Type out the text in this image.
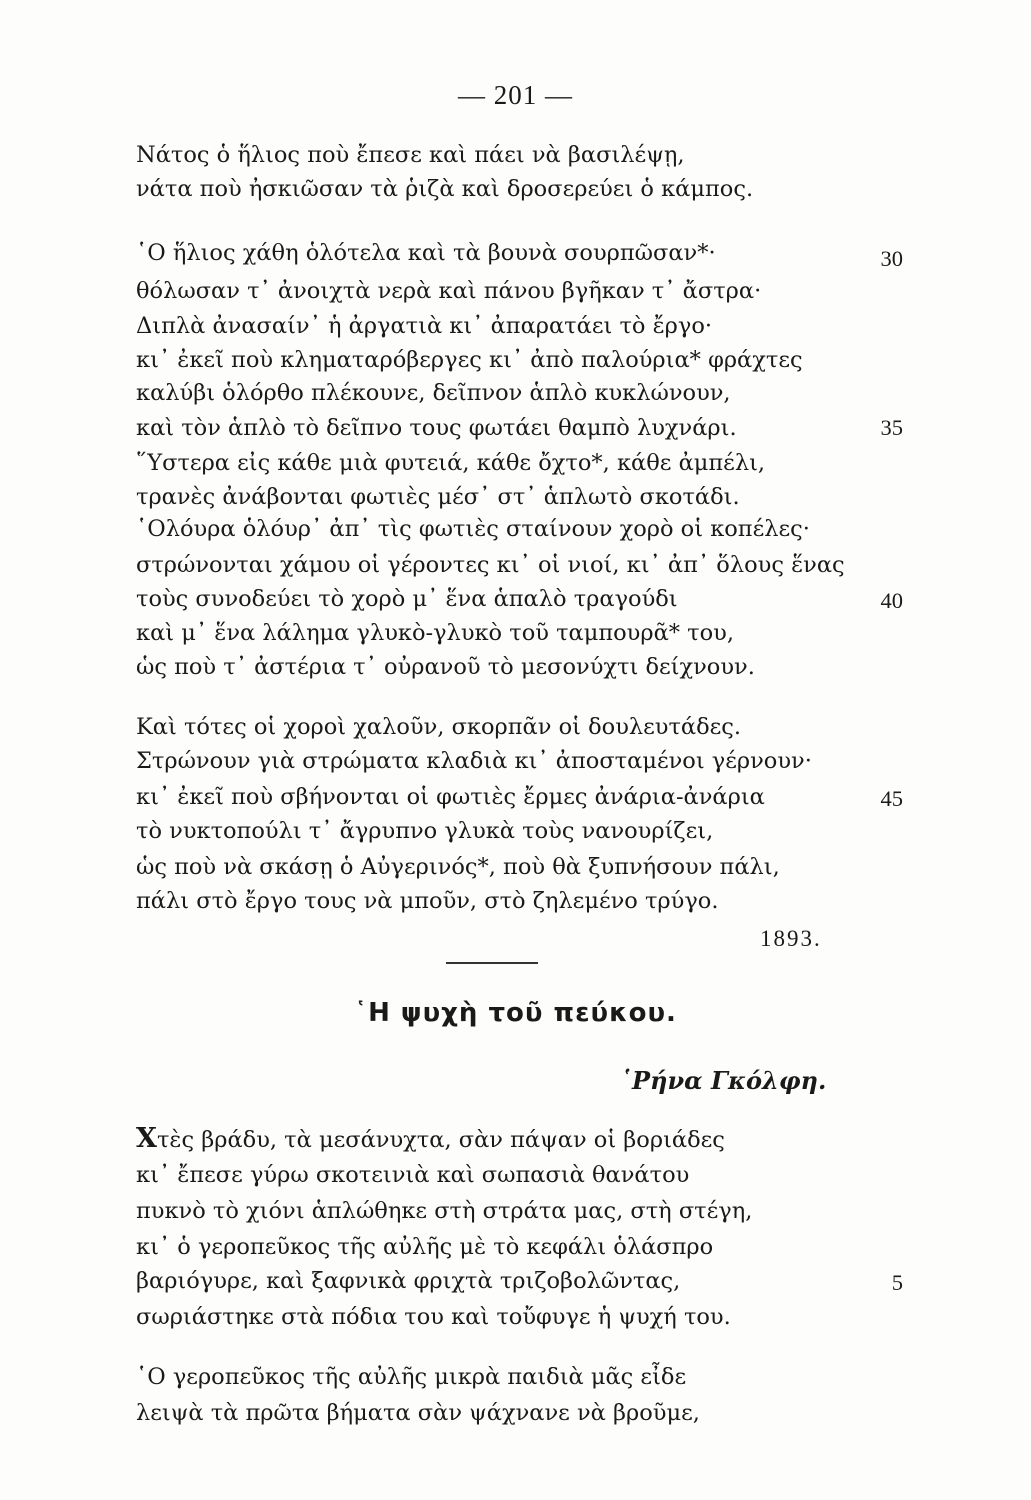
— 201 —
Νάτος ὁ ἥλιος ποὺ ἔπεσε καὶ πάει νὰ βασιλέψῃ,
νάτα ποὺ ἠσκιῶσαν τὰ ῥιζὰ καὶ δροσερεύει ὁ κάμπος.
῾Ο ἥλιος χάθη ὁλότελα καὶ τὰ βουνὰ σουρπῶσαν*·	30
θόλωσαν τ᾿ ἀνοιχτὰ νερὰ καὶ πάνου βγῆκαν τ᾿ ἄστρα·
Διπλὰ ἀνασαίν᾿ ἡ ἀργατιὰ κι᾿ ἀπαρατάει τὸ ἔργο·
κι᾿ ἐκεῖ ποὺ κληματαρόβεργες κι᾿ ἀπὸ παλούρια* φράχτες
καλύβι ὁλόρθο πλέκουνε, δεῖπνον ἁπλὸ κυκλώνουν,
καὶ τὸν ἁπλὸ τὸ δεῖπνο τους φωτάει θαμπὸ λυχνάρι.	35
῞Υστερα εἰς κάθε μιὰ φυτειά, κάθε ὄχτο*, κάθε ἀμπέλι,
τρανὲς ἀνάβονται φωτιὲς μέσ᾿ στ᾿ ἁπλωτὸ σκοτάδι.
῾Ολόυρα ὁλόυρ᾿ ἀπ᾿ τὶς φωτιὲς σταίνουν χορὸ οἱ κοπέλες·
στρώνονται χάμου οἱ γέροντες κι᾿ οἱ νιοί, κι᾿ ἀπ᾿ ὅλους ἕνας
τοὺς συνοδεύει τὸ χορὸ μ᾿ ἕνα ἁπαλὸ τραγούδι	40
καὶ μ᾿ ἕνα λάλημα γλυκὸ-γλυκὸ τοῦ ταμπουρᾶ* του,
ὡς ποὺ τ᾿ ἀστέρια τ᾿ οὐρανοῦ τὸ μεσονύχτι δείχνουν.
Καὶ τότες οἱ χοροὶ χαλοῦν, σκορπᾶν οἱ δουλευτάδες.
Στρώνουν γιὰ στρώματα κλαδιὰ κι᾿ ἀποσταμένοι γέρνουν·
κι᾿ ἐκεῖ ποὺ σβήνονται οἱ φωτιὲς ἔρμες ἀνάρια-ἀνάρια	45
τὸ νυκτοπούλι τ᾿ ἄγρυπνο γλυκὰ τοὺς νανουρίζει,
ὡς ποὺ νὰ σκάσῃ ὁ Αὐγερινός*, ποὺ θὰ ξυπνήσουν πάλι,
πάλι στὸ ἔργο τους νὰ μποῦν, στὸ ζηλεμένο τρύγο.
1893.
῾Η ψυχὴ τοῦ πεύκου.
῾Ρήνα Γκόλφη.
Χτὲς βράδυ, τὰ μεσάνυχτα, σὰν πάψαν οἱ βοριάδες
κι᾿ ἔπεσε γύρω σκοτεινιὰ καὶ σωπασιὰ θανάτου
πυκνὸ τὸ χιόνι ἁπλώθηκε στὴ στράτα μας, στὴ στέγη,
κι᾿ ὁ γεροπεῦκος τῆς αὐλῆς μὲ τὸ κεφάλι ὁλάσπρο
βαριόγυρε, καὶ ξαφνικὰ φριχτὰ τριζοβολῶντας,	5
σωριάστηκε στὰ πόδια του καὶ τοὔφυγε ἡ ψυχή του.
῾Ο γεροπεῦκος τῆς αὐλῆς μικρὰ παιδιὰ μᾶς εἶδε
λειψὰ τὰ πρῶτα βήματα σὰν ψάχνανε νὰ βροῦμε,
